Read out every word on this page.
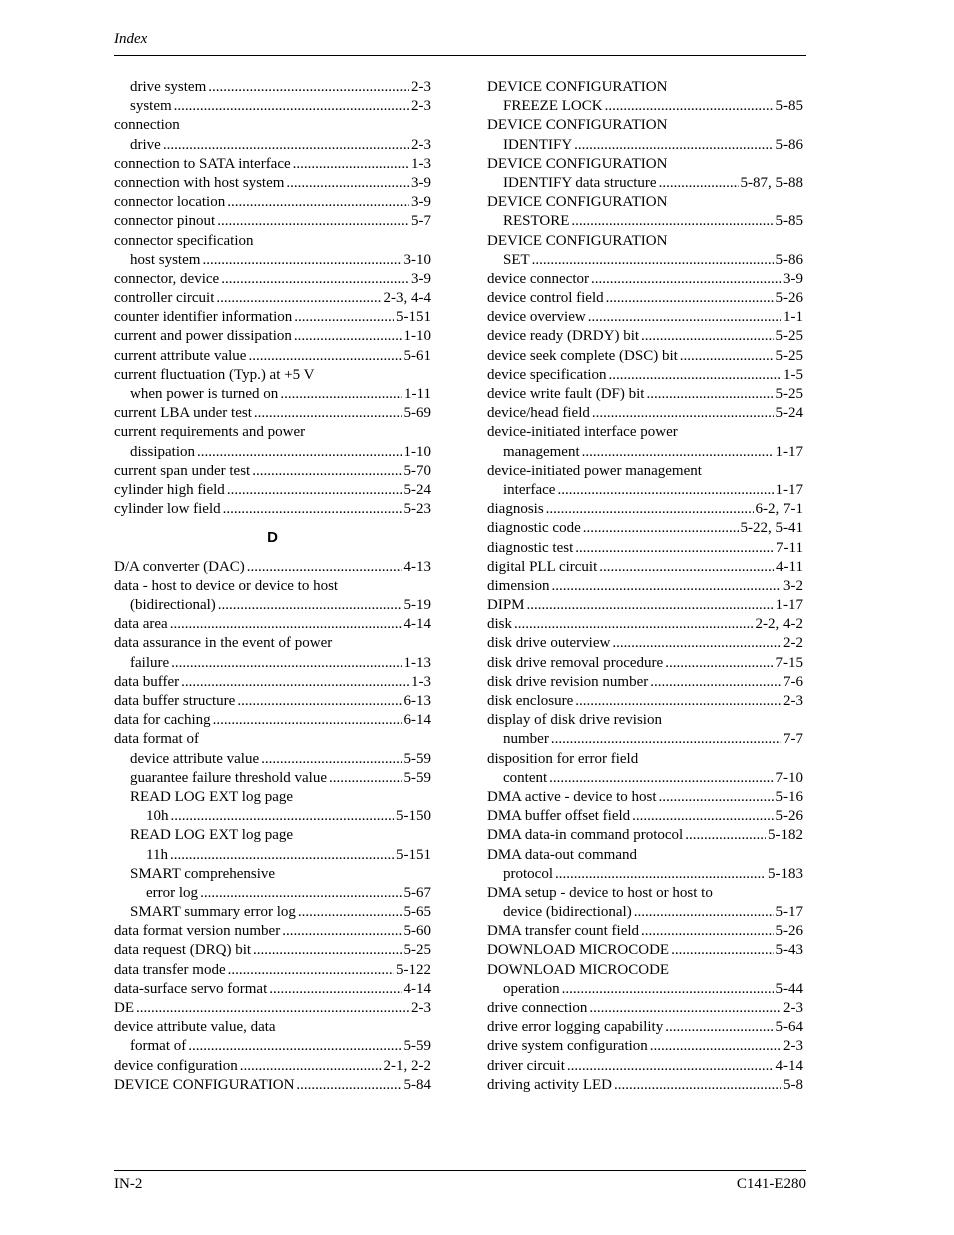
Index
drive system .....	2-3
system .....	2-3
connection
drive .....	2-3
connection to SATA interface .....	1-3
connection with host system .....	3-9
connector location .....	3-9
connector pinout .....	5-7
connector specification
host system .....	3-10
connector, device .....	3-9
controller circuit .....	2-3, 4-4
counter identifier information .....	5-151
current and power dissipation .....	1-10
current attribute value .....	5-61
current fluctuation (Typ.) at +5 V
when power is turned on .....	1-11
current LBA under test .....	5-69
current requirements and power
dissipation .....	1-10
current span under test .....	5-70
cylinder high field .....	5-24
cylinder low field .....	5-23
D
D/A converter (DAC) .....	4-13
data - host to device or device to host
(bidirectional) .....	5-19
data area .....	4-14
data assurance in the event of power
failure .....	1-13
data buffer .....	1-3
data buffer structure .....	6-13
data for caching .....	6-14
data format of
device attribute value .....	5-59
guarantee failure threshold value .....	5-59
READ LOG EXT log page
10h .....	5-150
READ LOG EXT log page
11h .....	5-151
SMART comprehensive
error log .....	5-67
SMART summary error log .....	5-65
data format version number .....	5-60
data request (DRQ) bit .....	5-25
data transfer mode .....	5-122
data-surface servo format .....	4-14
DE .....	2-3
device attribute value, data
format of .....	5-59
device configuration .....	2-1, 2-2
DEVICE CONFIGURATION .....	5-84
DEVICE CONFIGURATION
FREEZE LOCK .....	5-85
DEVICE CONFIGURATION
IDENTIFY .....	5-86
DEVICE CONFIGURATION
IDENTIFY data structure .....	5-87, 5-88
DEVICE CONFIGURATION
RESTORE .....	5-85
DEVICE CONFIGURATION
SET .....	5-86
device connector .....	3-9
device control field .....	5-26
device overview .....	1-1
device ready (DRDY) bit .....	5-25
device seek complete (DSC) bit .....	5-25
device specification .....	1-5
device write fault (DF) bit .....	5-25
device/head field .....	5-24
device-initiated interface power
management .....	1-17
device-initiated power management
interface .....	1-17
diagnosis .....	6-2, 7-1
diagnostic code .....	5-22, 5-41
diagnostic test .....	7-11
digital PLL circuit .....	4-11
dimension .....	3-2
DIPM .....	1-17
disk .....	2-2, 4-2
disk drive outerview .....	2-2
disk drive removal procedure .....	7-15
disk drive revision number .....	7-6
disk enclosure .....	2-3
display of disk drive revision
number .....	7-7
disposition for error field
content .....	7-10
DMA active - device to host .....	5-16
DMA buffer offset field .....	5-26
DMA data-in command protocol .....	5-182
DMA data-out command
protocol .....	5-183
DMA setup - device to host or host to
device (bidirectional) .....	5-17
DMA transfer count field .....	5-26
DOWNLOAD MICROCODE .....	5-43
DOWNLOAD MICROCODE
operation .....	5-44
drive connection .....	2-3
drive error logging capability .....	5-64
drive system configuration .....	2-3
driver circuit .....	4-14
driving activity LED .....	5-8
IN-2	C141-E280
